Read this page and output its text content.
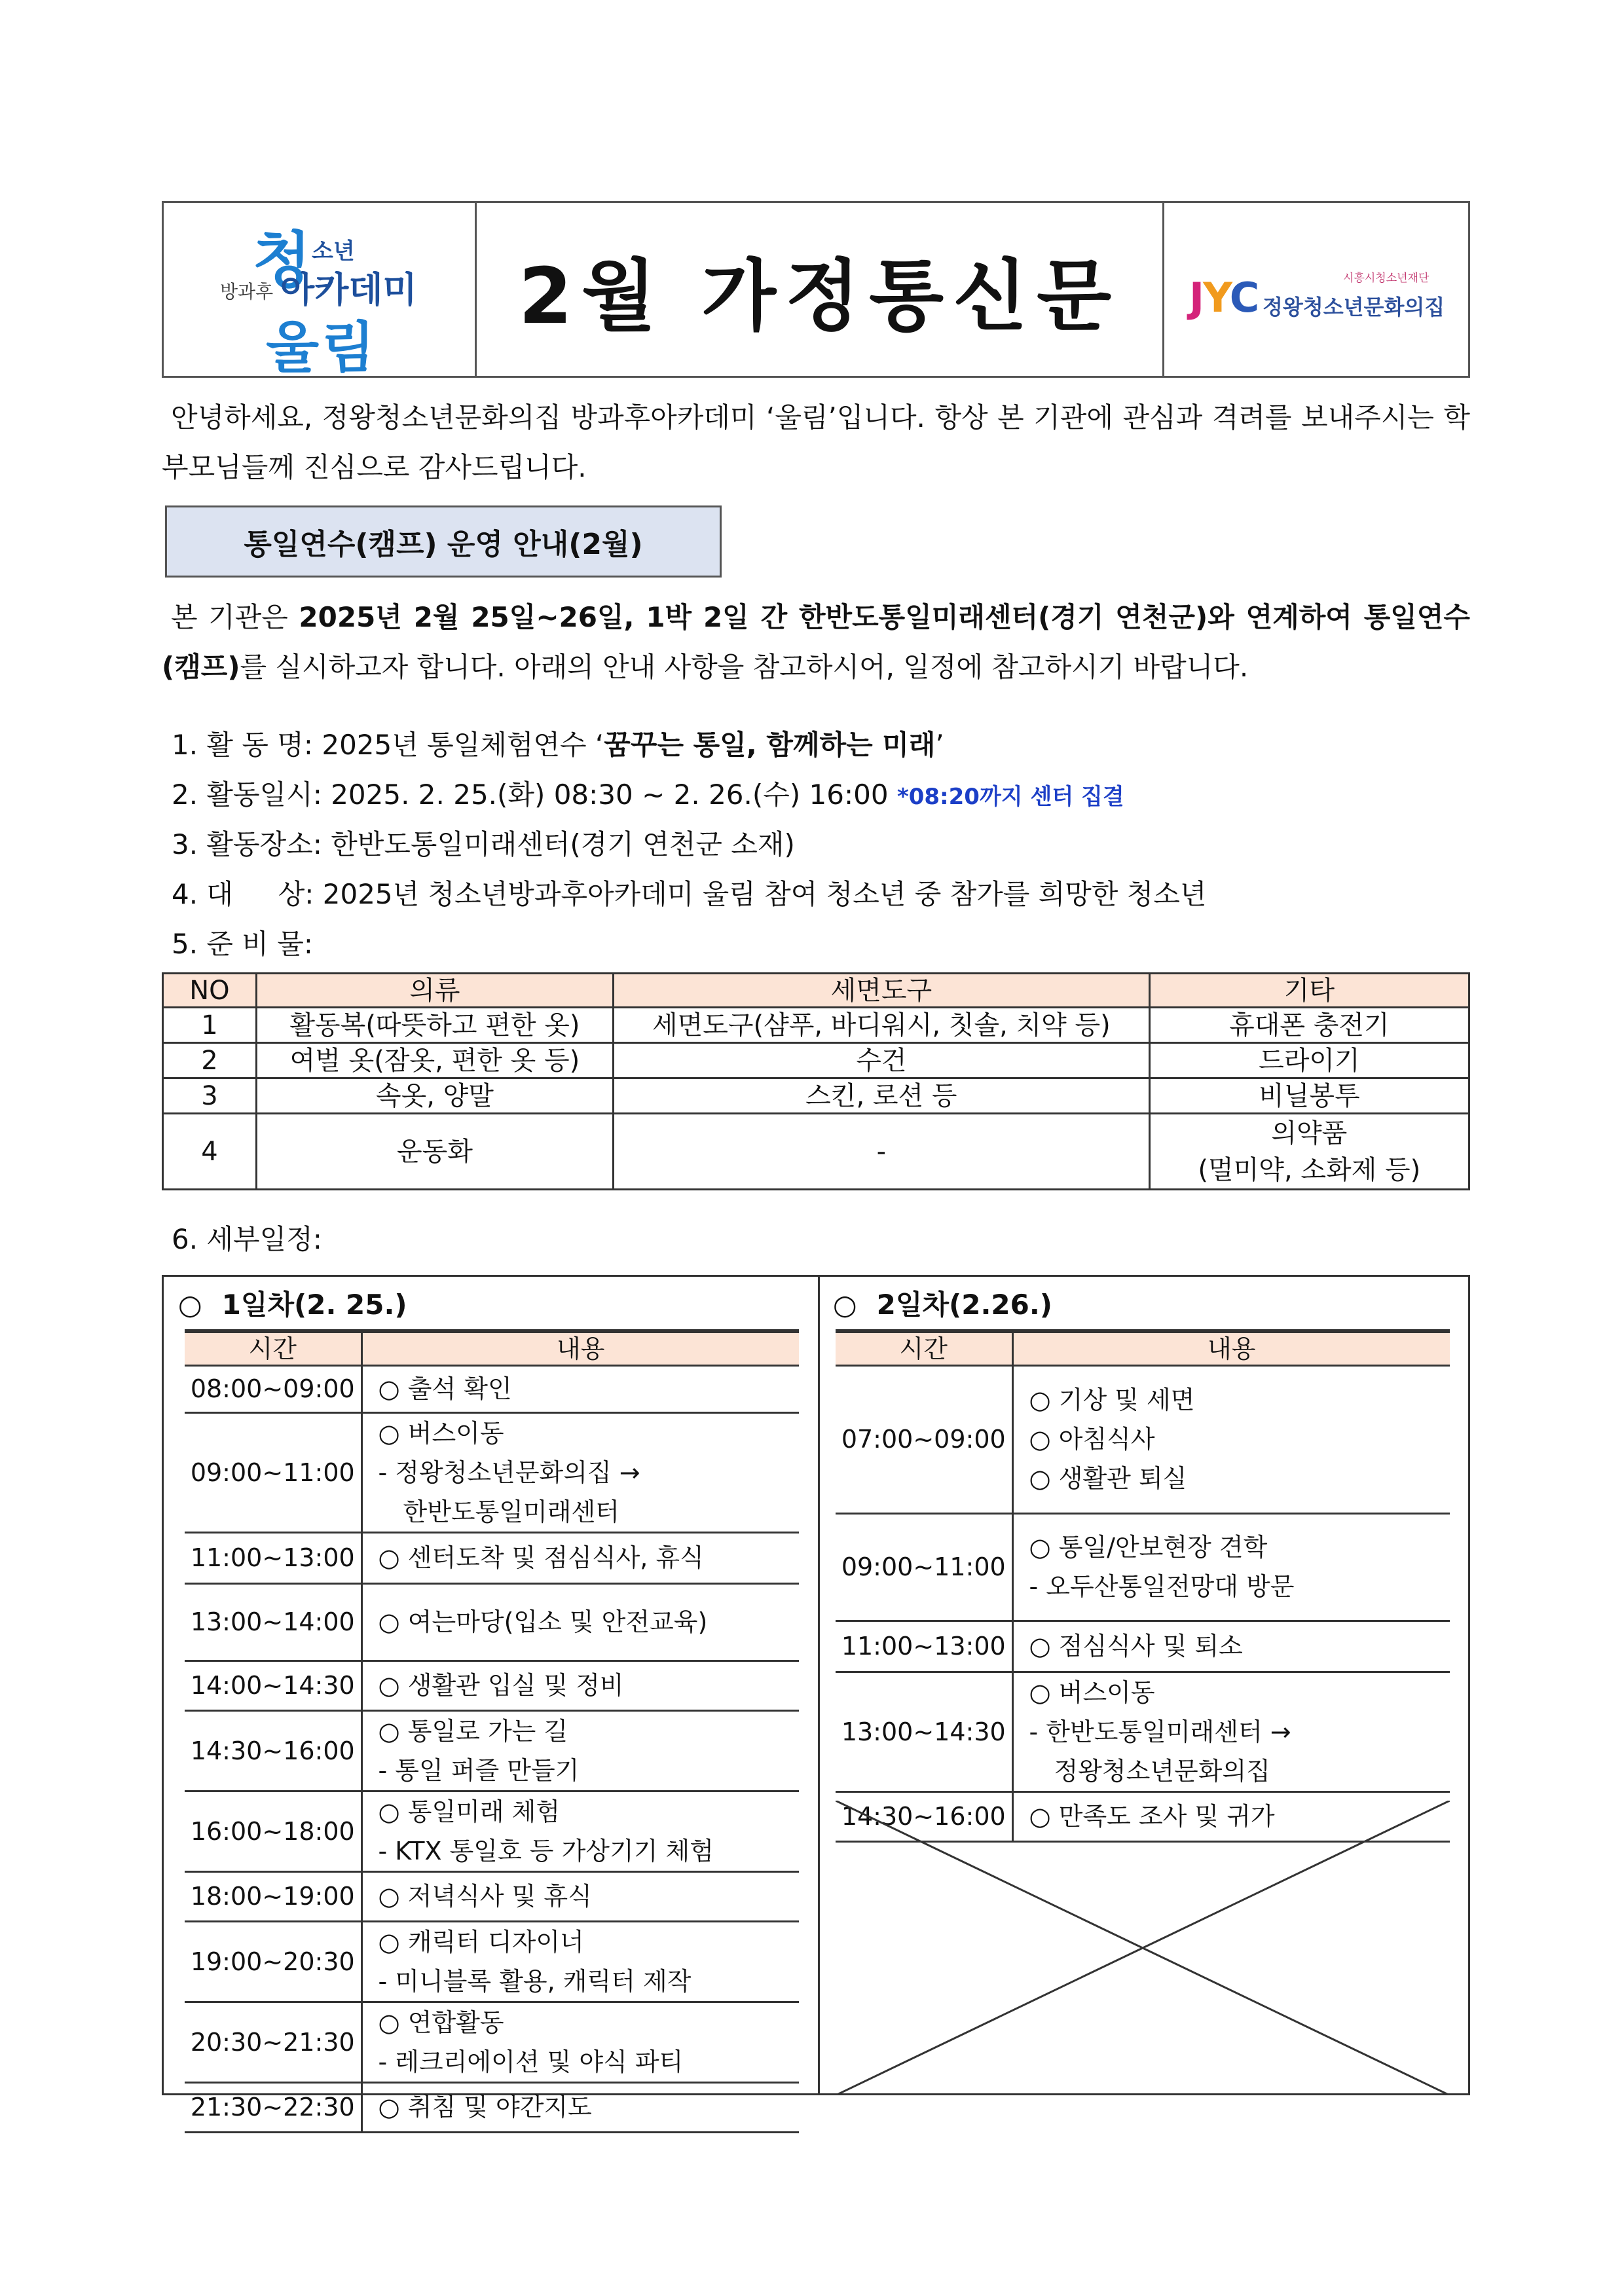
청 소년
방과후 아카데미
울림
2월 가정통신문	시흥시청소년재단
JYC 정왕청소년문화의집

안녕하세요, 정왕청소년문화의집 방과후아카데미 ‘울림’입니다. 항상 본 기관에 관심과 격려를 보내주시는 학부모님들께 진심으로 감사드립니다.

통일연수(캠프) 운영 안내(2월)

본 기관은 2025년 2월 25일~26일, 1박 2일 간 한반도통일미래센터(경기 연천군)와 연계하여 통일연수(캠프)를 실시하고자 합니다. 아래의 안내 사항을 참고하시어, 일정에 참고하시기 바랍니다.

1. 활 동 명: 2025년 통일체험연수 ‘꿈꾸는 통일, 함께하는 미래’
2. 활동일시: 2025. 2. 25.(화) 08:30 ~ 2. 26.(수) 16:00 *08:20까지 센터 집결
3. 활동장소: 한반도통일미래센터(경기 연천군 소재)
4. 대 　 상: 2025년 청소년방과후아카데미 울림 참여 청소년 중 참가를 희망한 청소년
5. 준 비 물:
NO	의류	세면도구	기타
1	활동복(따뜻하고 편한 옷)	세면도구(샴푸, 바디워시, 칫솔, 치약 등)	휴대폰 충전기
2	여벌 옷(잠옷, 편한 옷 등)	수건	드라이기
3	속옷, 양말	스킨, 로션 등	비닐봉투
4	운동화	-	의약품
(멀미약, 소화제 등)
6. 세부일정:
○ 1일차(2. 25.)	○ 2일차(2.26.)
시간	내용
08:00~09:00	○ 출석 확인

09:00~11:00	○ 버스이동
- 정왕청소년문화의집 →
　한반도통일미래센터

11:00~13:00	○ 센터도착 및 점심식사, 휴식

13:00~14:00	○ 여는마당(입소 및 안전교육)

14:00~14:30	○ 생활관 입실 및 정비

14:30~16:00	○ 통일로 가는 길
- 통일 퍼즐 만들기

16:00~18:00	○ 통일미래 체험
- KTX 통일호 등 가상기기 체험

18:00~19:00	○ 저녁식사 및 휴식

19:00~20:30	○ 캐릭터 디자이너
- 미니블록 활용, 캐릭터 제작

20:30~21:30	○ 연합활동
- 레크리에이션 및 야식 파티

21:30~22:30	○ 취침 및 야간지도
시간	내용
07:00~09:00	○ 기상 및 세면
○ 아침식사
○ 생활관 퇴실

09:00~11:00	○ 통일/안보현장 견학
- 오두산통일전망대 방문

11:00~13:00	○ 점심식사 및 퇴소

13:00~14:30	○ 버스이동
- 한반도통일미래센터 →
　정왕청소년문화의집

14:30~16:00	○ 만족도 조사 및 귀가
